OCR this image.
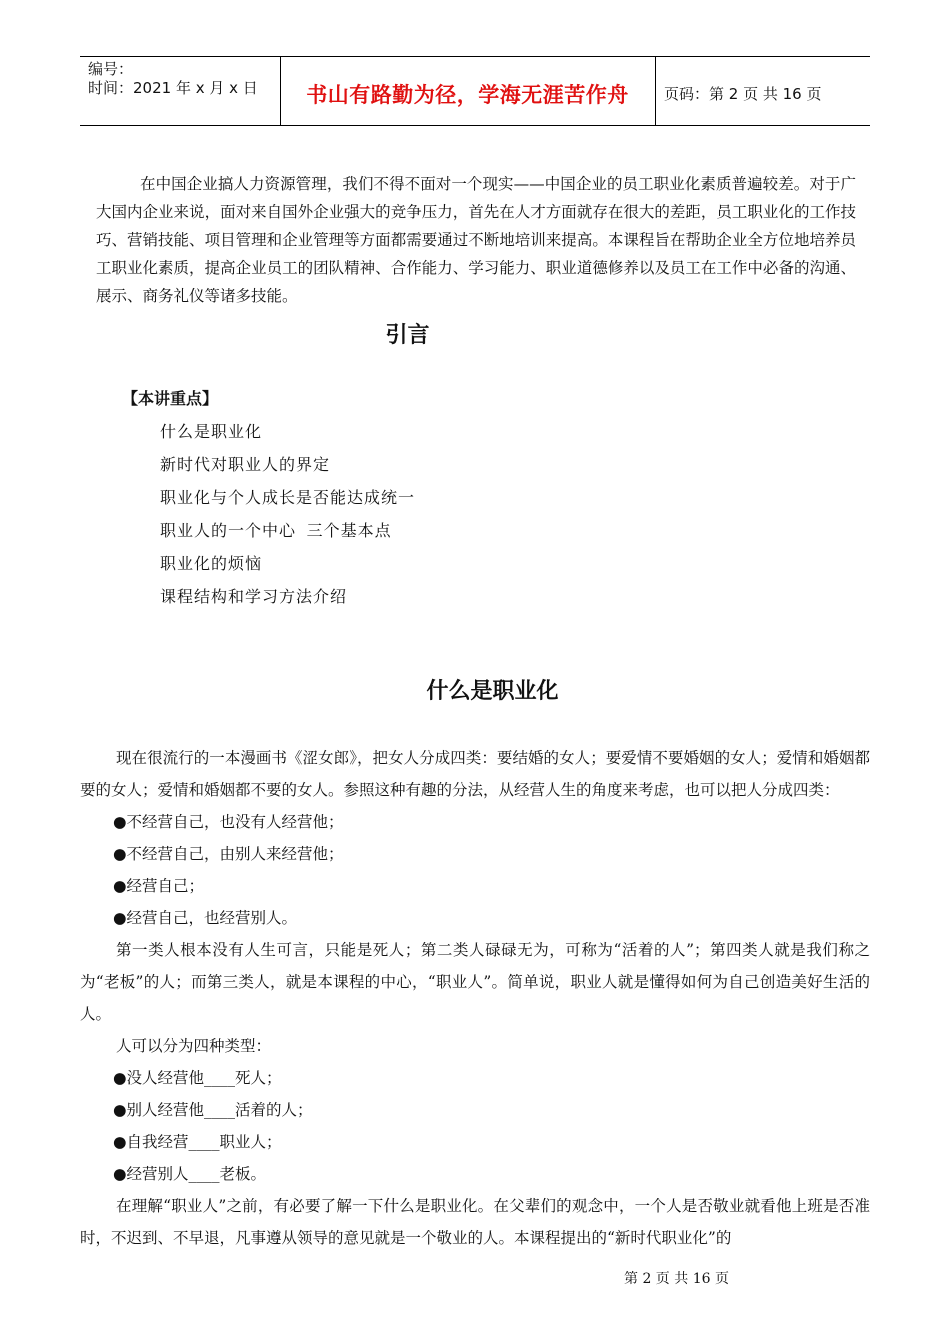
编号：
时间：2021 年 x 月 x 日	书山有路勤为径，学海无涯苦作舟	页码：第 2 页 共 16 页
在中国企业搞人力资源管理，我们不得不面对一个现实——中国企业的员工职业化素质普遍较差。对于广大国内企业来说，面对来自国外企业强大的竞争压力，首先在人才方面就存在很大的差距，员工职业化的工作技巧、营销技能、项目管理和企业管理等方面都需要通过不断地培训来提高。本课程旨在帮助企业全方位地培养员工职业化素质，提高企业员工的团队精神、合作能力、学习能力、职业道德修养以及员工在工作中必备的沟通、展示、商务礼仪等诸多技能。
引言
【本讲重点】
什么是职业化
新时代对职业人的界定
职业化与个人成长是否能达成统一
职业人的一个中心 三个基本点
职业化的烦恼
课程结构和学习方法介绍
什么是职业化

现在很流行的一本漫画书《涩女郎》，把女人分成四类：要结婚的女人；要爱情不要婚姻的女人；爱情和婚姻都要的女人；爱情和婚姻都不要的女人。参照这种有趣的分法，从经营人生的角度来考虑，也可以把人分成四类：

●不经营自己，也没有人经营他；

●不经营自己，由别人来经营他；

●经营自己；

●经营自己，也经营别人。

第一类人根本没有人生可言，只能是死人；第二类人碌碌无为，可称为“活着的人”；第四类人就是我们称之为“老板”的人；而第三类人，就是本课程的中心，“职业人”。简单说，职业人就是懂得如何为自己创造美好生活的人。

人可以分为四种类型：

●没人经营他____死人；

●别人经营他____活着的人；

●自我经营____职业人；

●经营别人____老板。

在理解“职业人”之前，有必要了解一下什么是职业化。在父辈们的观念中，一个人是否敬业就看他上班是否准时，不迟到、不早退，凡事遵从领导的意见就是一个敬业的人。本课程提出的“新时代职业化”的

第 2 页 共 16 页
